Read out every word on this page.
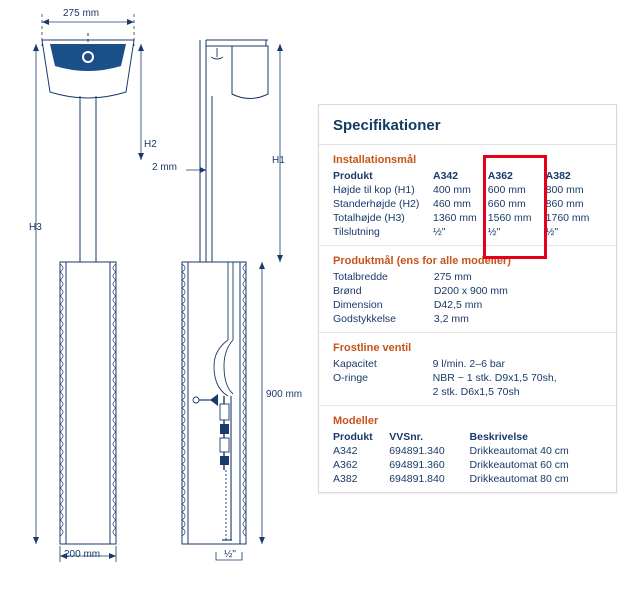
275 mm
H2
H1
H3
2 mm
900 mm
200 mm	½"
Specifikationer
Installationsmål
Produkt	A342	A362	A382
Højde til kop (H1)	400 mm	600 mm	800 mm
Standerhøjde (H2)	460 mm	660 mm	860 mm
Totalhøjde (H3)	1360 mm	1560 mm	1760 mm
Tilslutning	½"	½"	½"
Produktmål (ens for alle modeller)
Totalbredde	275 mm
Brønd	D200 x 900 mm
Dimension	D42,5 mm
Godstykkelse	3,2 mm
Frostline ventil
Kapacitet	9 l/min. 2–6 bar
O-ringe	NBR ~ 1 stk. D9x1,5 70sh,
	2 stk. D6x1,5 70sh
Modeller
Produkt	VVSnr.	Beskrivelse
A342	694891.340	Drikkeautomat 40 cm
A362	694891.360	Drikkeautomat 60 cm
A382	694891.840	Drikkeautomat 80 cm
